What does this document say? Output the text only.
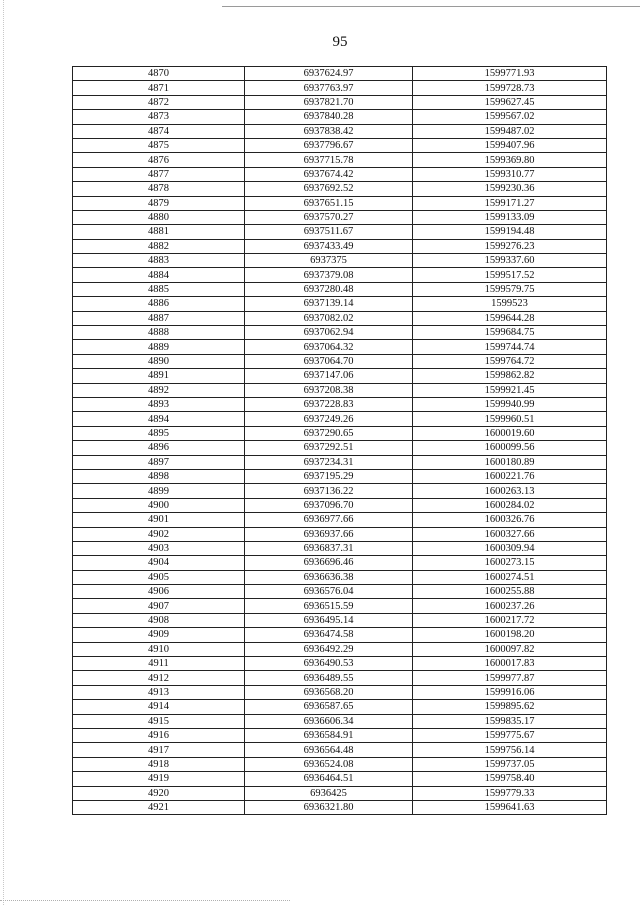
95
4870	6937624.97	1599771.93
4871	6937763.97	1599728.73
4872	6937821.70	1599627.45
4873	6937840.28	1599567.02
4874	6937838.42	1599487.02
4875	6937796.67	1599407.96
4876	6937715.78	1599369.80
4877	6937674.42	1599310.77
4878	6937692.52	1599230.36
4879	6937651.15	1599171.27
4880	6937570.27	1599133.09
4881	6937511.67	1599194.48
4882	6937433.49	1599276.23
4883	6937375	1599337.60
4884	6937379.08	1599517.52
4885	6937280.48	1599579.75
4886	6937139.14	1599523
4887	6937082.02	1599644.28
4888	6937062.94	1599684.75
4889	6937064.32	1599744.74
4890	6937064.70	1599764.72
4891	6937147.06	1599862.82
4892	6937208.38	1599921.45
4893	6937228.83	1599940.99
4894	6937249.26	1599960.51
4895	6937290.65	1600019.60
4896	6937292.51	1600099.56
4897	6937234.31	1600180.89
4898	6937195.29	1600221.76
4899	6937136.22	1600263.13
4900	6937096.70	1600284.02
4901	6936977.66	1600326.76
4902	6936937.66	1600327.66
4903	6936837.31	1600309.94
4904	6936696.46	1600273.15
4905	6936636.38	1600274.51
4906	6936576.04	1600255.88
4907	6936515.59	1600237.26
4908	6936495.14	1600217.72
4909	6936474.58	1600198.20
4910	6936492.29	1600097.82
4911	6936490.53	1600017.83
4912	6936489.55	1599977.87
4913	6936568.20	1599916.06
4914	6936587.65	1599895.62
4915	6936606.34	1599835.17
4916	6936584.91	1599775.67
4917	6936564.48	1599756.14
4918	6936524.08	1599737.05
4919	6936464.51	1599758.40
4920	6936425	1599779.33
4921	6936321.80	1599641.63
